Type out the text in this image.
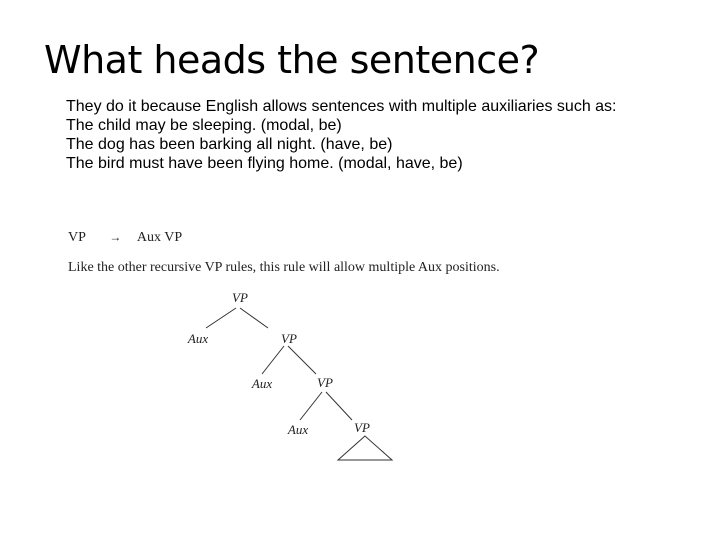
What heads the sentence?

They do it because English allows sentences with multiple auxiliaries such as:

The child may be sleeping. (modal, be)

The dog has been barking all night. (have, be)

The bird must have been flying home. (modal, have, be)

VP → Aux VP
Like the other recursive VP rules, this rule will allow multiple Aux positions.
VP
Aux	VP
Aux	VP
Aux	VP
